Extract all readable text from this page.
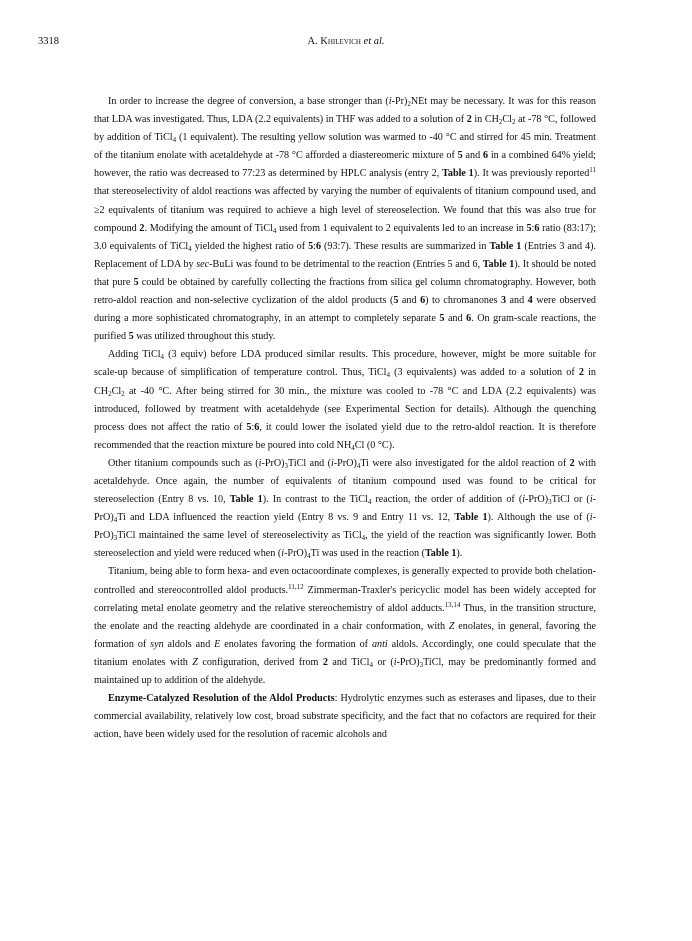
3318	A. Khilevich et al.

In order to increase the degree of conversion, a base stronger than $(i-Pr)_2NEt$ may be necessary. It was for this reason that LDA was investigated. Thus, LDA (2.2 equivalents) in THF was added to a solution of 2 in $CH_2Cl_2$ at -78 °C, followed by addition of TiCl$_4$ (1 equivalent). The resulting yellow solution was warmed to -40 °C and stirred for 45 min. Treatment of the titanium enolate with acetaldehyde at -78 °C afforded a diastereomeric mixture of 5 and 6 in a combined 64% yield; however, the ratio was decreased to 77:23 as determined by HPLC analysis (entry 2, Table 1). It was previously reported$^{11}$ that stereoselectivity of aldol reactions was affected by varying the number of equivalents of titanium compound used, and ≥2 equivalents of titanium was required to achieve a high level of stereoselection. We found that this was also true for compound 2. Modifying the amount of TiCl$_4$ used from 1 equivalent to 2 equivalents led to an increase in 5:6 ratio (83:17); 3.0 equivalents of TiCl$_4$ yielded the highest ratio of 5:6 (93:7). These results are summarized in Table 1 (Entries 3 and 4). Replacement of LDA by sec-BuLi was found to be detrimental to the reaction (Entries 5 and 6, Table 1). It should be noted that pure 5 could be obtained by carefully collecting the fractions from silica gel column chromatography. However, both retro-aldol reaction and non-selective cyclization of the aldol products (5 and 6) to chromanones 3 and 4 were observed during a more sophisticated chromatography, in an attempt to completely separate 5 and 6. On gram-scale reactions, the purified 5 was utilized throughout this study.

Adding TiCl$_4$ (3 equiv) before LDA produced similar results. This procedure, however, might be more suitable for scale-up because of simplification of temperature control. Thus, TiCl$_4$ (3 equivalents) was added to a solution of 2 in $CH_2Cl_2$ at -40 °C. After being stirred for 30 min., the mixture was cooled to -78 °C and LDA (2.2 equivalents) was introduced, followed by treatment with acetaldehyde (see Experimental Section for details). Although the quenching process does not affect the ratio of 5:6, it could lower the isolated yield due to the retro-aldol reaction. It is therefore recommended that the reaction mixture be poured into cold $NH_4Cl$ (0 °C).

Other titanium compounds such as $(i-PrO)_3TiCl$ and $(i-PrO)_4Ti$ were also investigated for the aldol reaction of 2 with acetaldehyde. Once again, the number of equivalents of titanium compound used was found to be critical for stereoselection (Entry 8 vs. 10, Table 1). In contrast to the TiCl$_4$ reaction, the order of addition of $(i-PrO)_3TiCl$ or $(i-PrO)_4Ti$ and LDA influenced the reaction yield (Entry 8 vs. 9 and Entry 11 vs. 12, Table 1). Although the use of $(i-PrO)_3TiCl$ maintained the same level of stereoselectivity as TiCl$_4$, the yield of the reaction was significantly lower. Both stereoselection and yield were reduced when $(i-PrO)_4Ti$ was used in the reaction (Table 1).

Titanium, being able to form hexa- and even octacoordinate complexes, is generally expected to provide both chelation-controlled and stereocontrolled aldol products.$^{11,12}$ Zimmerman-Traxler's pericyclic model has been widely accepted for correlating metal enolate geometry and the relative stereochemistry of aldol adducts.$^{13,14}$ Thus, in the transition structure, the enolate and the reacting aldehyde are coordinated in a chair conformation, with Z enolates, in general, favoring the formation of syn aldols and E enolates favoring the formation of anti aldols. Accordingly, one could speculate that the titanium enolates with Z configuration, derived from 2 and TiCl$_4$ or $(i-PrO)_3TiCl$, may be predominantly formed and maintained up to addition of the aldehyde.

Enzyme-Catalyzed Resolution of the Aldol Products: Hydrolytic enzymes such as esterases and lipases, due to their commercial availability, relatively low cost, broad substrate specificity, and the fact that no cofactors are required for their action, have been widely used for the resolution of racemic alcohols and
